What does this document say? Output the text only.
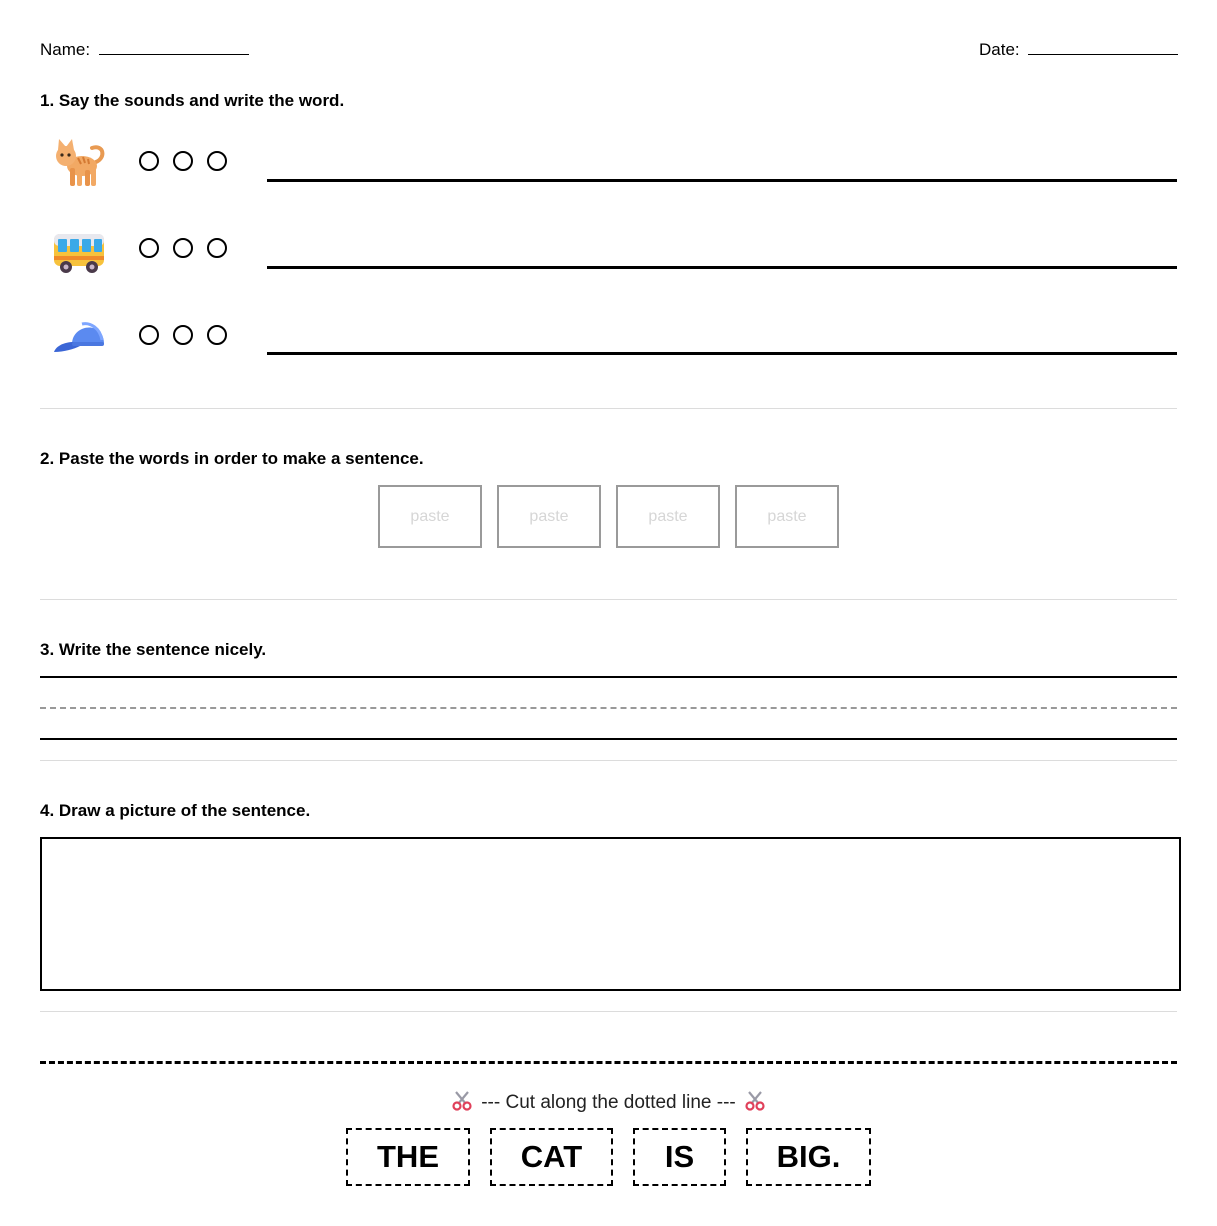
Name:	Date:
1. Say the sounds and write the word.
2. Paste the words in order to make a sentence.
paste	paste	paste	paste
3. Write the sentence nicely.
4. Draw a picture of the sentence.
--- Cut along the dotted line ---
THE	CAT	IS	BIG.
